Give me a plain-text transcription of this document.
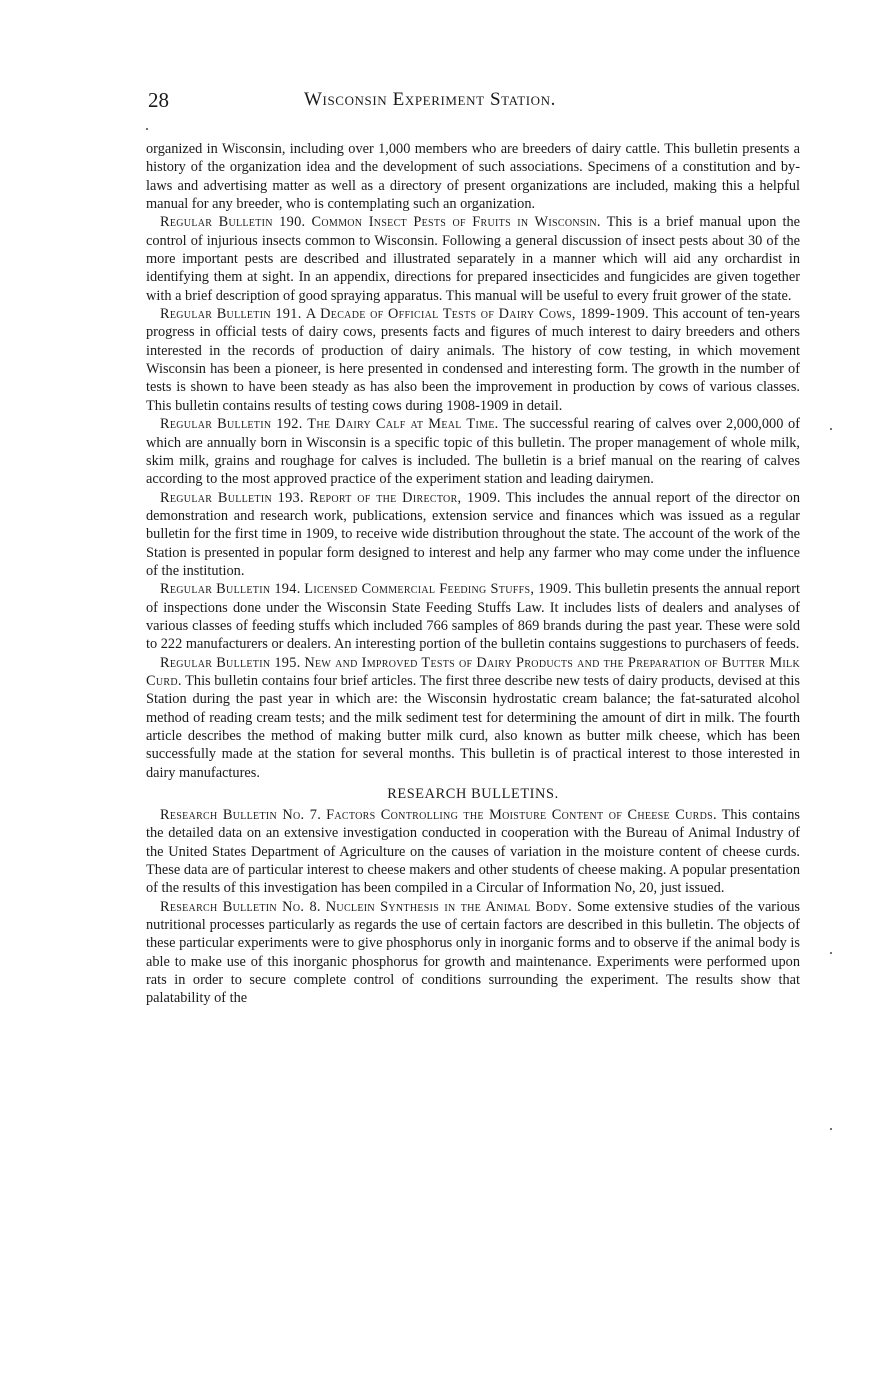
28	Wisconsin Experiment Station.

organized in Wisconsin, including over 1,000 members who are breeders of dairy cattle. This bulletin presents a history of the organization idea and the development of such associations. Specimens of a constitution and by-laws and advertising matter as well as a directory of present organizations are included, making this a helpful manual for any breeder, who is contemplating such an organization.

Regular Bulletin 190. Common Insect Pests of Fruits in Wisconsin. This is a brief manual upon the control of injurious insects common to Wisconsin. Following a general discussion of insect pests about 30 of the more important pests are described and illustrated separately in a manner which will aid any orchardist in identifying them at sight. In an appendix, directions for prepared insecticides and fungicides are given together with a brief description of good spraying apparatus. This manual will be useful to every fruit grower of the state.

Regular Bulletin 191. A Decade of Official Tests of Dairy Cows, 1899-1909. This account of ten-years progress in official tests of dairy cows, presents facts and figures of much interest to dairy breeders and others interested in the records of production of dairy animals. The history of cow testing, in which movement Wisconsin has been a pioneer, is here presented in condensed and interesting form. The growth in the number of tests is shown to have been steady as has also been the improvement in production by cows of various classes. This bulletin contains results of testing cows during 1908-1909 in detail.

Regular Bulletin 192. The Dairy Calf at Meal Time. The successful rearing of calves over 2,000,000 of which are annually born in Wisconsin is a specific topic of this bulletin. The proper management of whole milk, skim milk, grains and roughage for calves is included. The bulletin is a brief manual on the rearing of calves according to the most approved practice of the experiment station and leading dairymen.

Regular Bulletin 193. Report of the Director, 1909. This includes the annual report of the director on demonstration and research work, publications, extension service and finances which was issued as a regular bulletin for the first time in 1909, to receive wide distribution throughout the state. The account of the work of the Station is presented in popular form designed to interest and help any farmer who may come under the influence of the institution.

Regular Bulletin 194. Licensed Commercial Feeding Stuffs, 1909. This bulletin presents the annual report of inspections done under the Wisconsin State Feeding Stuffs Law. It includes lists of dealers and analyses of various classes of feeding stuffs which included 766 samples of 869 brands during the past year. These were sold to 222 manufacturers or dealers. An interesting portion of the bulletin contains suggestions to purchasers of feeds.

Regular Bulletin 195. New and Improved Tests of Dairy Products and the Preparation of Butter Milk Curd. This bulletin contains four brief articles. The first three describe new tests of dairy products, devised at this Station during the past year in which are: the Wisconsin hydrostatic cream balance; the fat-saturated alcohol method of reading cream tests; and the milk sediment test for determining the amount of dirt in milk. The fourth article describes the method of making butter milk curd, also known as butter milk cheese, which has been successfully made at the station for several months. This bulletin is of practical interest to those interested in dairy manufactures.

RESEARCH BULLETINS.

Research Bulletin No. 7. Factors Controlling the Moisture Content of Cheese Curds. This contains the detailed data on an extensive investigation conducted in cooperation with the Bureau of Animal Industry of the United States Department of Agriculture on the causes of variation in the moisture content of cheese curds. These data are of particular interest to cheese makers and other students of cheese making. A popular presentation of the results of this investigation has been compiled in a Circular of Information No, 20, just issued.

Research Bulletin No. 8. Nuclein Synthesis in the Animal Body. Some extensive studies of the various nutritional processes particularly as regards the use of certain factors are described in this bulletin. The objects of these particular experiments were to give phosphorus only in inorganic forms and to observe if the animal body is able to make use of this inorganic phosphorus for growth and maintenance. Experiments were performed upon rats in order to secure complete control of conditions surrounding the experiment. The results show that palatability of the
